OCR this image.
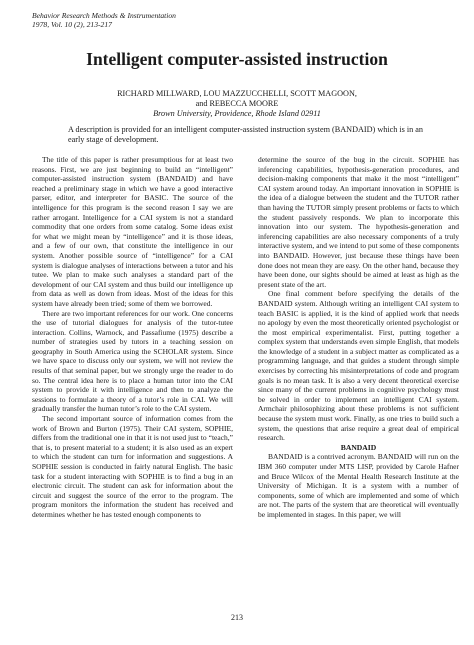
Behavior Research Methods & Instrumentation
1978, Vol. 10 (2), 213-217
Intelligent computer-assisted instruction
RICHARD MILLWARD, LOU MAZZUCCHELLI, SCOTT MAGOON,
and REBECCA MOORE
Brown University, Providence, Rhode Island 02911
A description is provided for an intelligent computer-assisted instruction system (BANDAID) which is in an early stage of development.

The title of this paper is rather presumptious for at least two reasons. First, we are just beginning to build an “intelligent” computer-assisted instruction system (BANDAID) and have reached a preliminary stage in which we have a good interactive parser, editor, and interpreter for BASIC. The source of the intelligence for this program is the second reason I say we are rather arrogant. Intelligence for a CAI system is not a standard commodity that one orders from some catalog. Some ideas exist for what we might mean by “intelligence” and it is those ideas, and a few of our own, that constitute the intelligence in our system. Another possible source of “intelligence” for a CAI system is dialogue analyses of interactions between a tutor and his tutee. We plan to make such analyses a standard part of the development of our CAI system and thus build our intelligence up from data as well as down from ideas. Most of the ideas for this system have already been tried; some of them we borrowed.

There are two important references for our work. One concerns the use of tutorial dialogues for analysis of the tutor-tutee interaction. Collins, Warnock, and Passafiume (1975) describe a number of strategies used by tutors in a teaching session on geography in South America using the SCHOLAR system. Since we have space to discuss only our system, we will not review the results of that seminal paper, but we strongly urge the reader to do so. The central idea here is to place a human tutor into the CAI system to provide it with intelligence and then to analyze the sessions to formulate a theory of a tutor’s role in CAI. We will gradually transfer the human tutor’s role to the CAI system.

The second important source of information comes from the work of Brown and Burton (1975). Their CAI system, SOPHIE, differs from the traditional one in that it is not used just to “teach,” that is, to present material to a student; it is also used as an expert to which the student can turn for information and suggestions. A SOPHIE session is conducted in fairly natural English. The basic task for a student interacting with SOPHIE is to find a bug in an electronic circuit. The student can ask for information about the circuit and suggest the source of the error to the program. The program monitors the information the student has received and determines whether he has tested enough components to

determine the source of the bug in the circuit. SOPHIE has inferencing capabilities, hypothesis-generation procedures, and decision-making components that make it the most “intelligent” CAI system around today. An important innovation in SOPHIE is the idea of a dialogue between the student and the TUTOR rather than having the TUTOR simply present problems or facts to which the student passively responds. We plan to incorporate this innovation into our system. The hypothesis-generation and inferencing capabilities are also necessary components of a truly interactive system, and we intend to put some of these components into BANDAID. However, just because these things have been done does not mean they are easy. On the other hand, because they have been done, our sights should be aimed at least as high as the present state of the art.

One final comment before specifying the details of the BANDAID system. Although writing an intelligent CAI system to teach BASIC is applied, it is the kind of applied work that needs no apology by even the most theoretically oriented psychologist or the most empirical experimentalist. First, putting together a complex system that understands even simple English, that models the knowledge of a student in a subject matter as complicated as a programming language, and that guides a student through simple exercises by correcting his misinterpretations of code and program goals is no mean task. It is also a very decent theoretical exercise since many of the current problems in cognitive psychology must be solved in order to implement an intelligent CAI system. Armchair philosophizing about these problems is not sufficient because the system must work. Finally, as one tries to build such a system, the questions that arise require a great deal of empirical research.

BANDAID

BANDAID is a contrived acronym. BANDAID will run on the IBM 360 computer under MTS LISP, provided by Carole Hafner and Bruce Wilcox of the Mental Health Research Institute at the University of Michigan. It is a system with a number of components, some of which are implemented and some of which are not. The parts of the system that are theoretical will eventually be implemented in stages. In this paper, we will

213
